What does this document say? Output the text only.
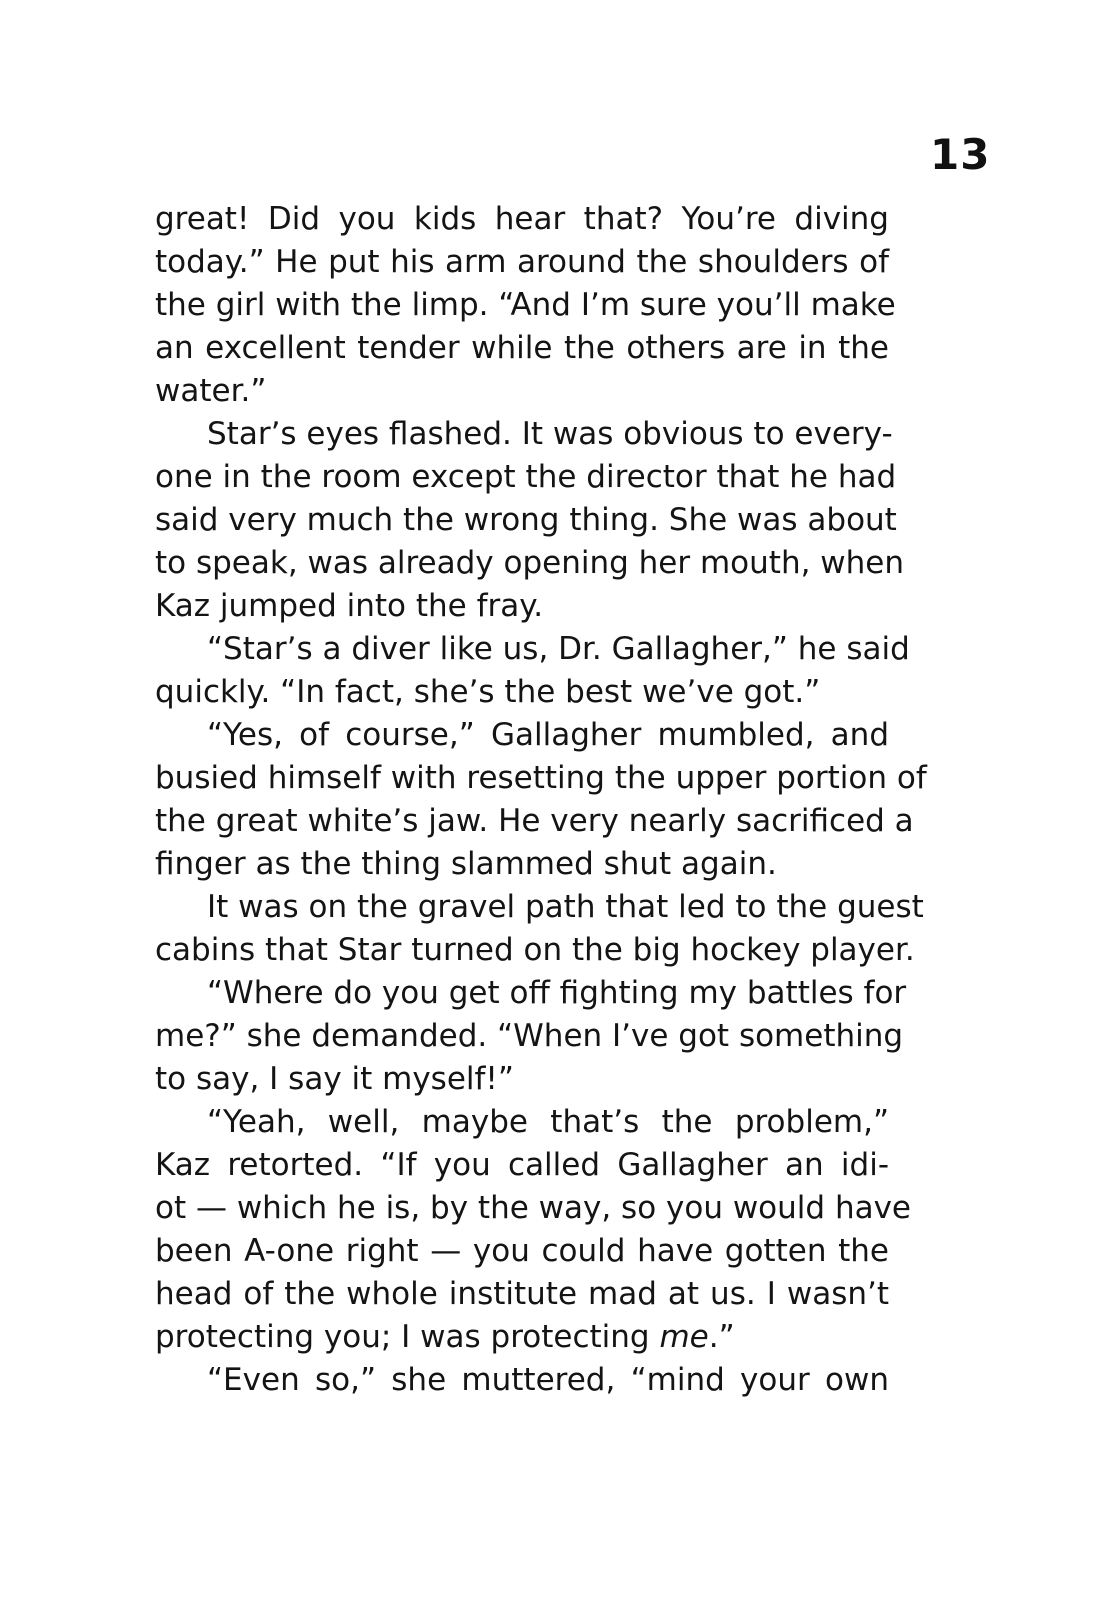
13
great! Did you kids hear that? You’re diving
today.” He put his arm around the shoulders of
the girl with the limp. “And I’m sure you’ll make
an excellent tender while the others are in the
water.”
Star’s eyes flashed. It was obvious to every-
one in the room except the director that he had
said very much the wrong thing. She was about
to speak, was already opening her mouth, when
Kaz jumped into the fray.
“Star’s a diver like us, Dr. Gallagher,” he said
quickly. “In fact, she’s the best we’ve got.”
“Yes, of course,” Gallagher mumbled, and
busied himself with resetting the upper portion of
the great white’s jaw. He very nearly sacrificed a
finger as the thing slammed shut again.
It was on the gravel path that led to the guest
cabins that Star turned on the big hockey player.
“Where do you get off fighting my battles for
me?” she demanded. “When I’ve got something
to say, I say it myself!”
“Yeah, well, maybe that’s the problem,”
Kaz retorted. “If you called Gallagher an idi-
ot — which he is, by the way, so you would have
been A-one right — you could have gotten the
head of the whole institute mad at us. I wasn’t
protecting you; I was protecting me.”
“Even so,” she muttered, “mind your own
